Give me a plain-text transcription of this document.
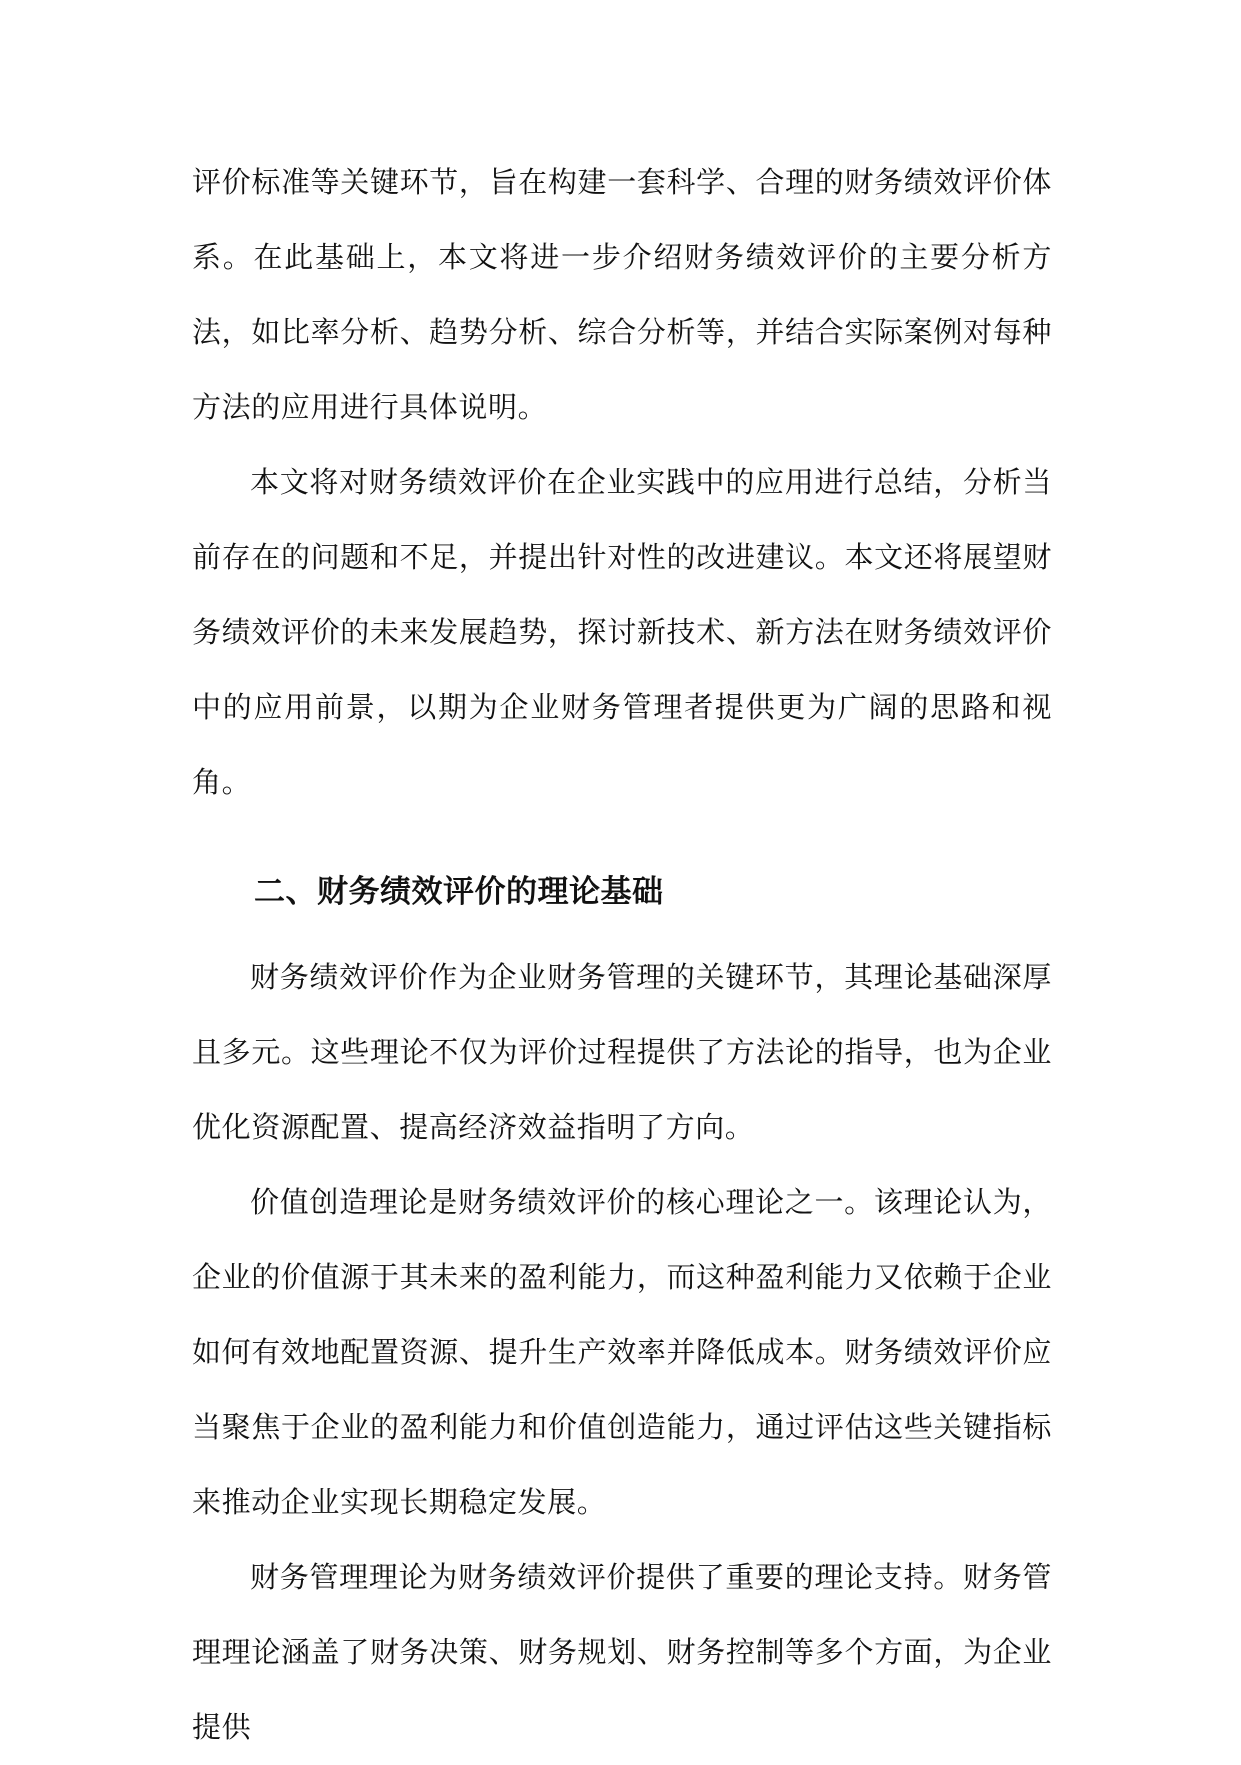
评价标准等关键环节，旨在构建一套科学、合理的财务绩效评价体系。在此基础上，本文将进一步介绍财务绩效评价的主要分析方法，如比率分析、趋势分析、综合分析等，并结合实际案例对每种方法的应用进行具体说明。

本文将对财务绩效评价在企业实践中的应用进行总结，分析当前存在的问题和不足，并提出针对性的改进建议。本文还将展望财务绩效评价的未来发展趋势，探讨新技术、新方法在财务绩效评价中的应用前景，以期为企业财务管理者提供更为广阔的思路和视角。

二、财务绩效评价的理论基础

财务绩效评价作为企业财务管理的关键环节，其理论基础深厚且多元。这些理论不仅为评价过程提供了方法论的指导，也为企业优化资源配置、提高经济效益指明了方向。

价值创造理论是财务绩效评价的核心理论之一。该理论认为，企业的价值源于其未来的盈利能力，而这种盈利能力又依赖于企业如何有效地配置资源、提升生产效率并降低成本。财务绩效评价应当聚焦于企业的盈利能力和价值创造能力，通过评估这些关键指标来推动企业实现长期稳定发展。

财务管理理论为财务绩效评价提供了重要的理论支持。财务管理理论涵盖了财务决策、财务规划、财务控制等多个方面，为企业提供
